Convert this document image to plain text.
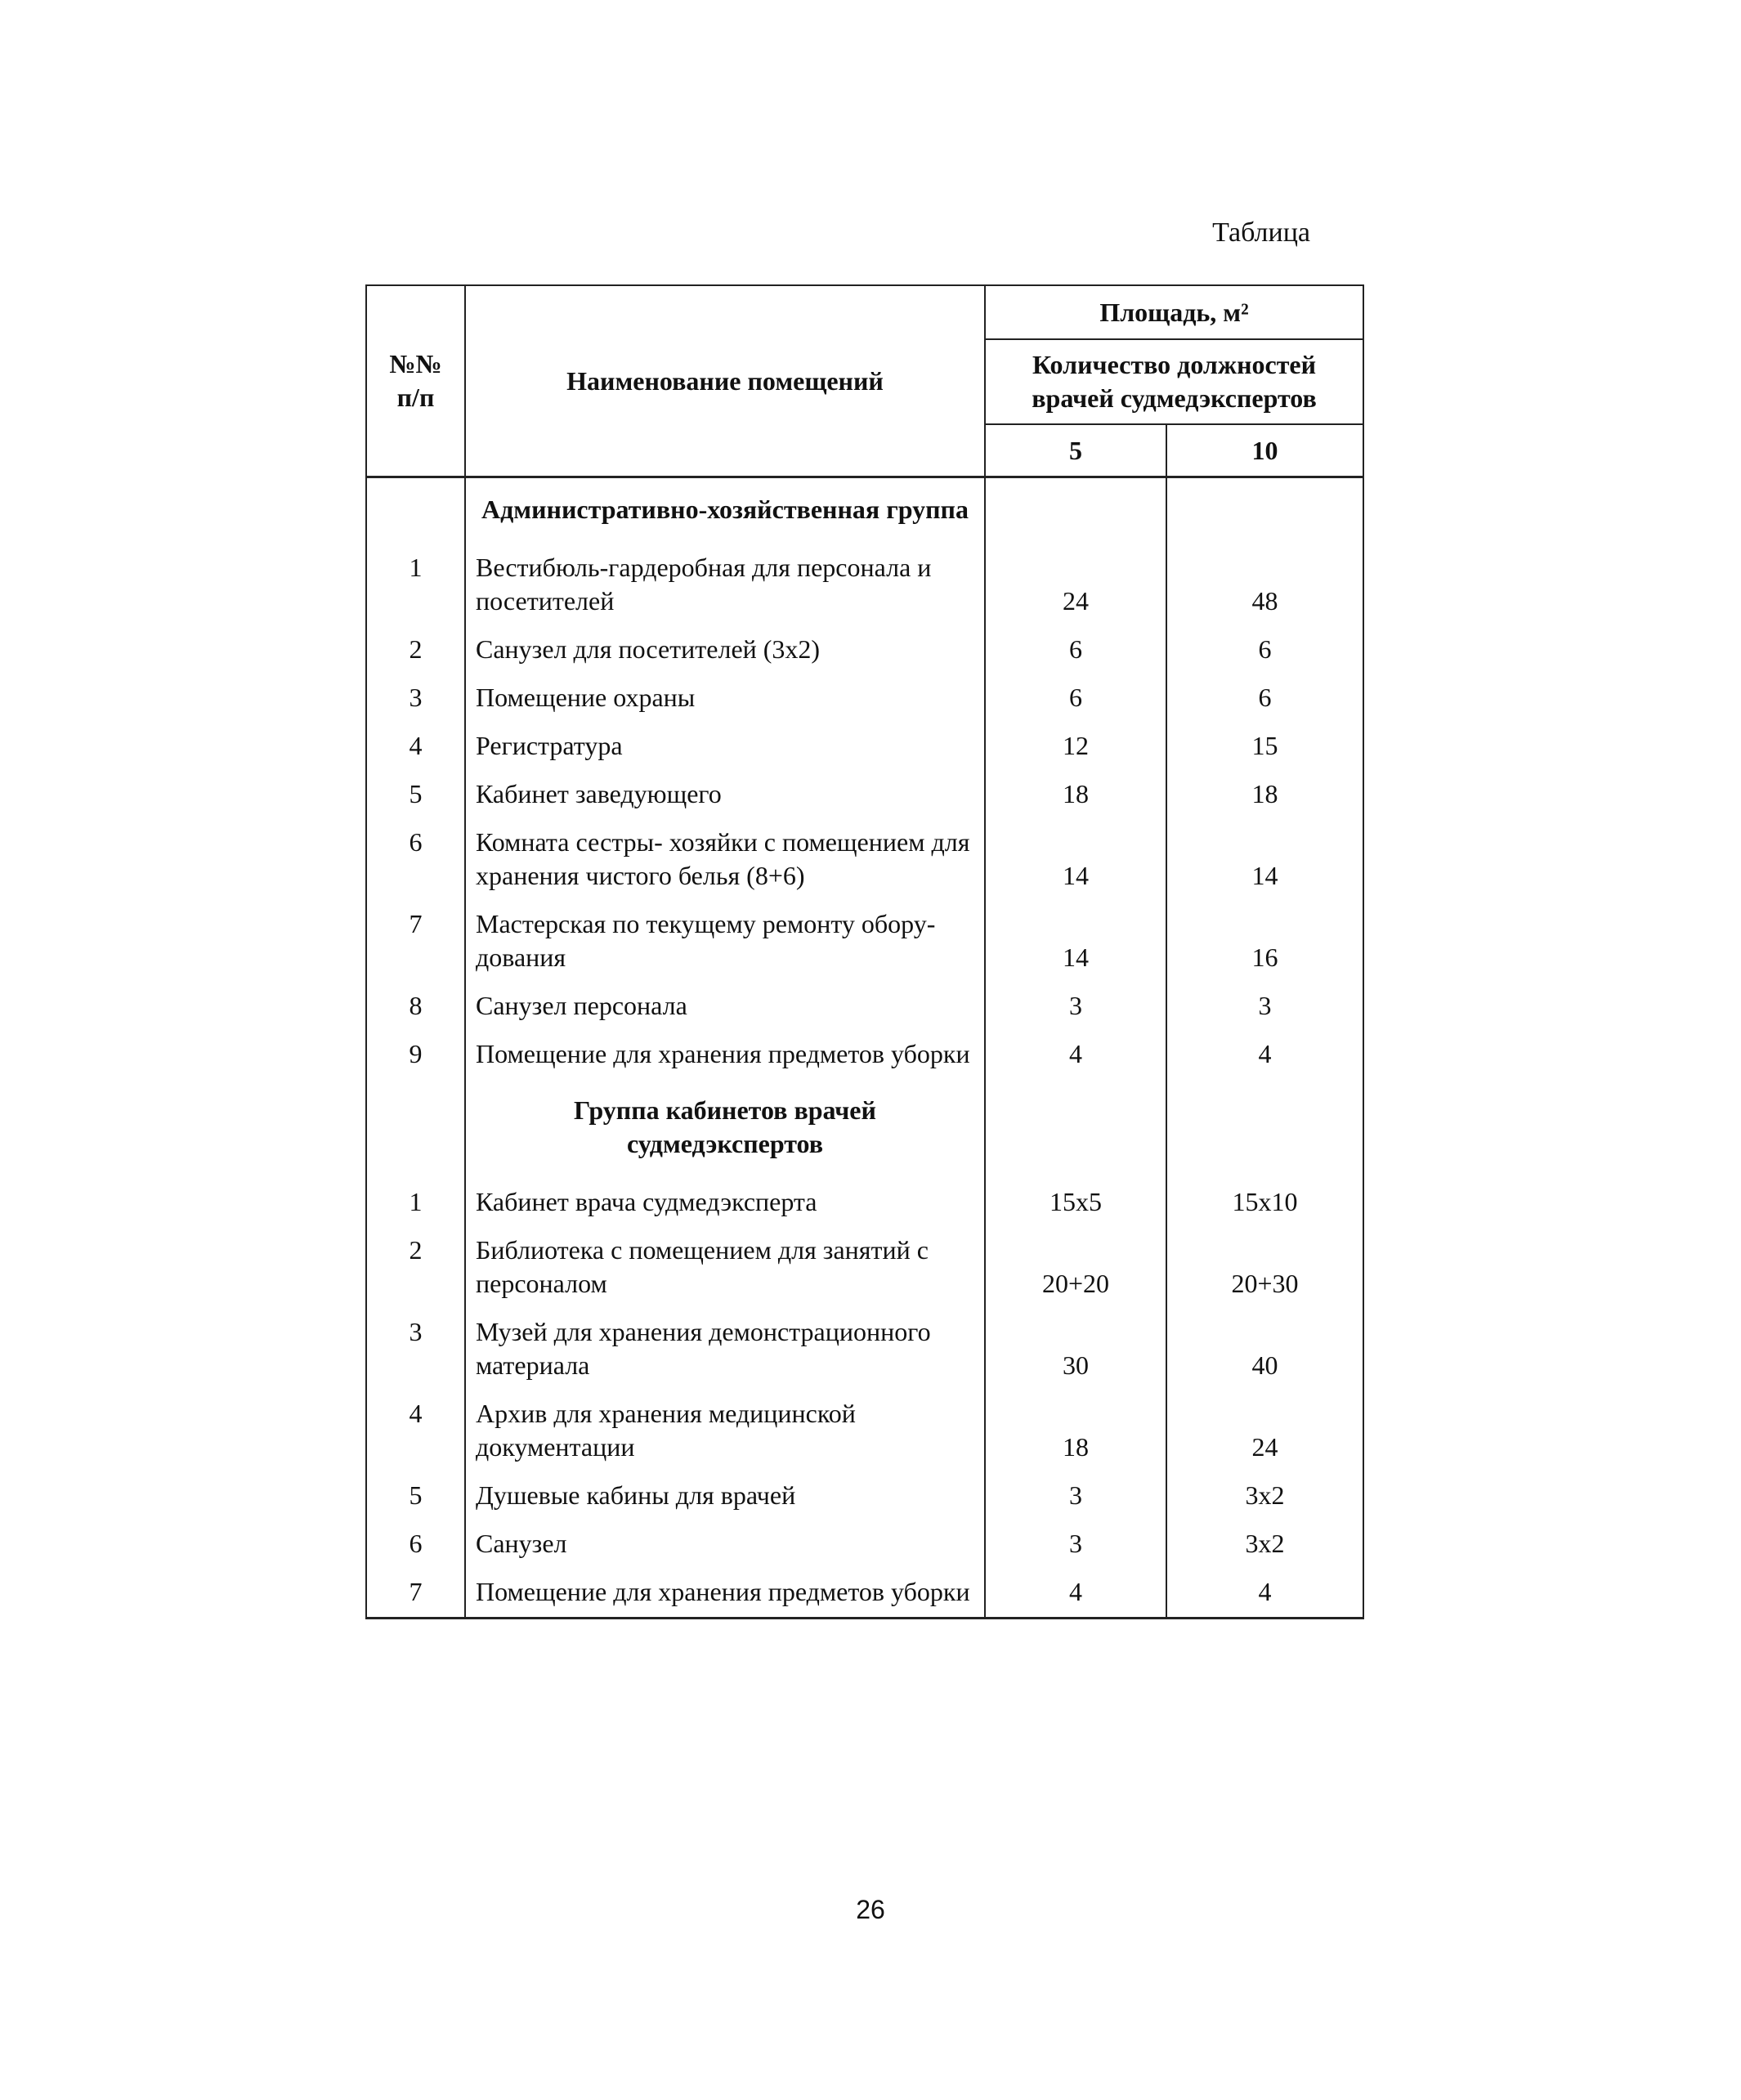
Таблица
№№ п/п	Наименование помещений	Площадь, м²	
		Количество должностей врачей судмедэкспертов	
		5	10
	Административно-хозяйственная группа		
1	Вестибюль-гардеробная для персонала и посетителей	24	48
2	Санузел для посетителей (3х2)	6	6
3	Помещение охраны	6	6
4	Регистратура	12	15
5	Кабинет заведующего	18	18
6	Комната сестры- хозяйки с помещением для хранения чистого белья (8+6)	14	14
7	Мастерская по текущему ремонту обору-дования	14	16
8	Санузел персонала	3	3
9	Помещение для хранения предметов уборки	4	4
	Группа кабинетов врачей судмедэкспертов		
1	Кабинет врача судмедэксперта	15х5	15х10
2	Библиотека с помещением для занятий с персоналом	20+20	20+30
3	Музей для хранения демонстрационного материала	30	40
4	Архив для хранения медицинской документации	18	24
5	Душевые кабины для врачей	3	3х2
6	Санузел	3	3х2
7	Помещение для хранения предметов уборки	4	4
26
